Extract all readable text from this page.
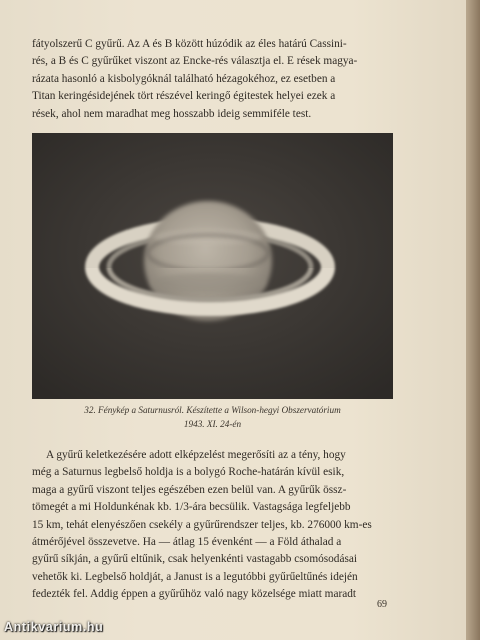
fátyolszerű C gyűrű. Az A és B között húzódik az éles határú Cassini-

rés, a B és C gyűrűket viszont az Encke-rés választja el. E rések magya-

rázata hasonló a kisbolygóknál található hézagokéhoz, ez esetben a

Titan keringésidejének tört részével keringő égitestek helyei ezek a

rések, ahol nem maradhat meg hosszabb ideig semmiféle test.

32. Fénykép a Saturnusról. Készítette a Wilson-hegyi Obszervatórium
1943. XI. 24-én

A gyűrű keletkezésére adott elképzelést megerősíti az a tény, hogy

még a Saturnus legbelső holdja is a bolygó Roche-határán kívül esik,

maga a gyűrű viszont teljes egészében ezen belül van. A gyűrűk össz-

tömegét a mi Holdunkénak kb. 1/3-ára becsülik. Vastagsága legfeljebb

15 km, tehát elenyészően csekély a gyűrűrendszer teljes, kb. 276000 km-es

átmérőjével összevetve. Ha — átlag 15 évenként — a Föld áthalad a

gyűrű síkján, a gyűrű eltűnik, csak helyenkénti vastagabb csomósodásai

vehetők ki. Legbelső holdját, a Janust is a legutóbbi gyűrűeltűnés idején

fedezték fel. Addig éppen a gyűrűhöz való nagy közelsége miatt maradt

69
Antikvarium.hu
